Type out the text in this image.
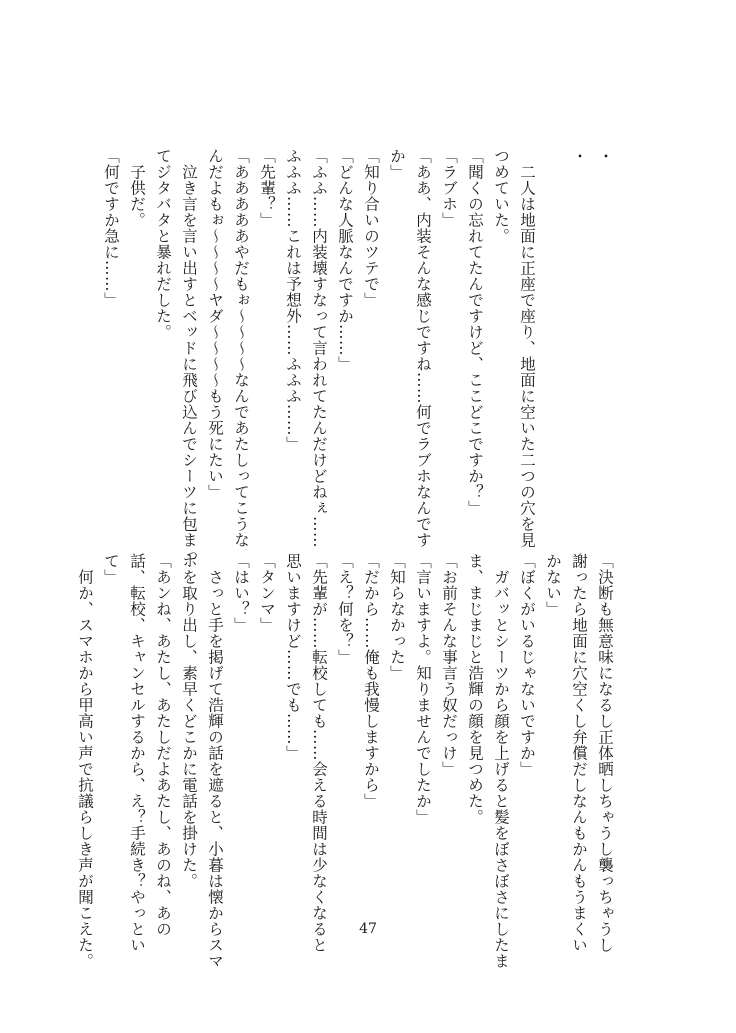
・
・

　二人は地面に正座で座り、地面に空いた二つの穴を見
つめていた。
「聞くの忘れてたんですけど、ここどこですか？」
「ラブホ」
「ああ、内装そんな感じですね……何でラブホなんです
か」
「知り合いのツテで」
「どんな人脈なんですか……」
「ふふ……内装壊すなって言われてたんだけどねぇ……
ふふふ……これは予想外……ふふふ……」
「先輩？」
「あああああやだもぉ～～～～なんであたしってこうな
んだよもぉ～～～～ヤダ～～～～もう死にたい」
　泣き言を言い出すとベッドに飛び込んでシーツに包まっ
てジタバタと暴れだした。
　子供だ。
「何ですか急に……」
「決断も無意味になるし正体晒しちゃうし襲っちゃうし
謝ったら地面に穴空くし弁償だしなんもかんもうまくい
かない」
「ぼくがいるじゃないですか」
　ガバッとシーツから顔を上げると髪をぼさぼさにしたま
ま、まじまじと浩輝の顔を見つめた。
「お前そんな事言う奴だっけ」
「言いますよ。知りませんでしたか」
「知らなかった」
「だから……俺も我慢しますから」
「え？何を？」
「先輩が……転校しても……会える時間は少なくなると
思いますけど……でも……」
「タンマ」
「はい？」
　さっと手を掲げて浩輝の話を遮ると、小暮は懐からスマ
ホを取り出し、素早くどこかに電話を掛けた。
「あンね、あたし、あたしだよあたし、あのね、あの
話、転校、キャンセルするから、え？手続き？やっとい
て」
　何か、スマホから甲高い声で抗議らしき声が聞こえた。	47
